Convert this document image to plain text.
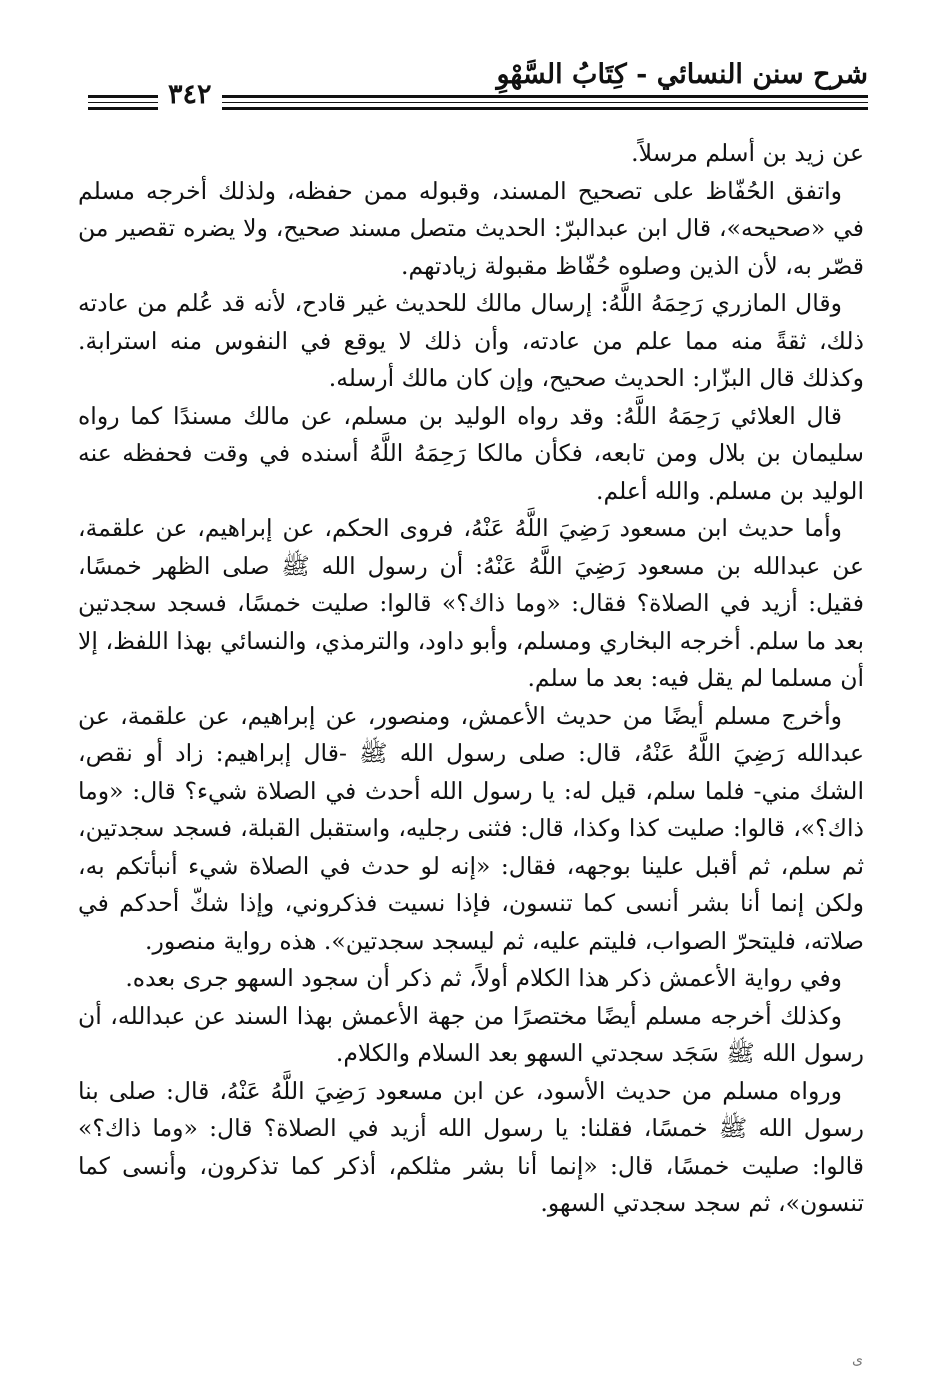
شرح سنن النسائي - كِتَابُ السَّهْوِ
٣٤٢

عن زيد بن أسلم مرسلاً.

واتفق الحُفّاظ على تصحيح المسند، وقبوله ممن حفظه، ولذلك أخرجه مسلم في «صحيحه»، قال ابن عبدالبرّ: الحديث متصل مسند صحيح، ولا يضره تقصير من قصّر به، لأن الذين وصلوه حُفّاظ مقبولة زيادتهم.

وقال المازري رَحِمَهُ اللَّهُ: إرسال مالك للحديث غير قادح، لأنه قد عُلم من عادته ذلك، ثقةً منه مما علم من عادته، وأن ذلك لا يوقع في النفوس منه استرابة. وكذلك قال البزّار: الحديث صحيح، وإن كان مالك أرسله.

قال العلائي رَحِمَهُ اللَّهُ: وقد رواه الوليد بن مسلم، عن مالك مسندًا كما رواه سليمان بن بلال ومن تابعه، فكأن مالكا رَحِمَهُ اللَّهُ أسنده في وقت فحفظه عنه الوليد بن مسلم. والله أعلم.

وأما حديث ابن مسعود رَضِيَ اللَّهُ عَنْهُ، فروى الحكم، عن إبراهيم، عن علقمة، عن عبدالله بن مسعود رَضِيَ اللَّهُ عَنْهُ: أن رسول الله ﷺ صلى الظهر خمسًا، فقيل: أزيد في الصلاة؟ فقال: «وما ذاك؟» قالوا: صليت خمسًا، فسجد سجدتين بعد ما سلم. أخرجه البخاري ومسلم، وأبو داود، والترمذي، والنسائي بهذا اللفظ، إلا أن مسلما لم يقل فيه: بعد ما سلم.

وأخرج مسلم أيضًا من حديث الأعمش، ومنصور، عن إبراهيم، عن علقمة، عن عبدالله رَضِيَ اللَّهُ عَنْهُ، قال: صلى رسول الله ﷺ -قال إبراهيم: زاد أو نقص، الشك مني- فلما سلم، قيل له: يا رسول الله أحدث في الصلاة شيء؟ قال: «وما ذاك؟»، قالوا: صليت كذا وكذا، قال: فثنى رجليه، واستقبل القبلة، فسجد سجدتين، ثم سلم، ثم أقبل علينا بوجهه، فقال: «إنه لو حدث في الصلاة شيء أنبأتكم به، ولكن إنما أنا بشر أنسى كما تنسون، فإذا نسيت فذكروني، وإذا شكّ أحدكم في صلاته، فليتحرّ الصواب، فليتم عليه، ثم ليسجد سجدتين». هذه رواية منصور.

وفي رواية الأعمش ذكر هذا الكلام أولاً، ثم ذكر أن سجود السهو جرى بعده.

وكذلك أخرجه مسلم أيضًا مختصرًا من جهة الأعمش بهذا السند عن عبدالله، أن رسول الله ﷺ سَجَد سجدتي السهو بعد السلام والكلام.

ورواه مسلم من حديث الأسود، عن ابن مسعود رَضِيَ اللَّهُ عَنْهُ، قال: صلى بنا رسول الله ﷺ خمسًا، فقلنا: يا رسول الله أزيد في الصلاة؟ قال: «وما ذاك؟» قالوا: صليت خمسًا، قال: «إنما أنا بشر مثلكم، أذكر كما تذكرون، وأنسى كما تنسون»، ثم سجد سجدتي السهو.

ى
